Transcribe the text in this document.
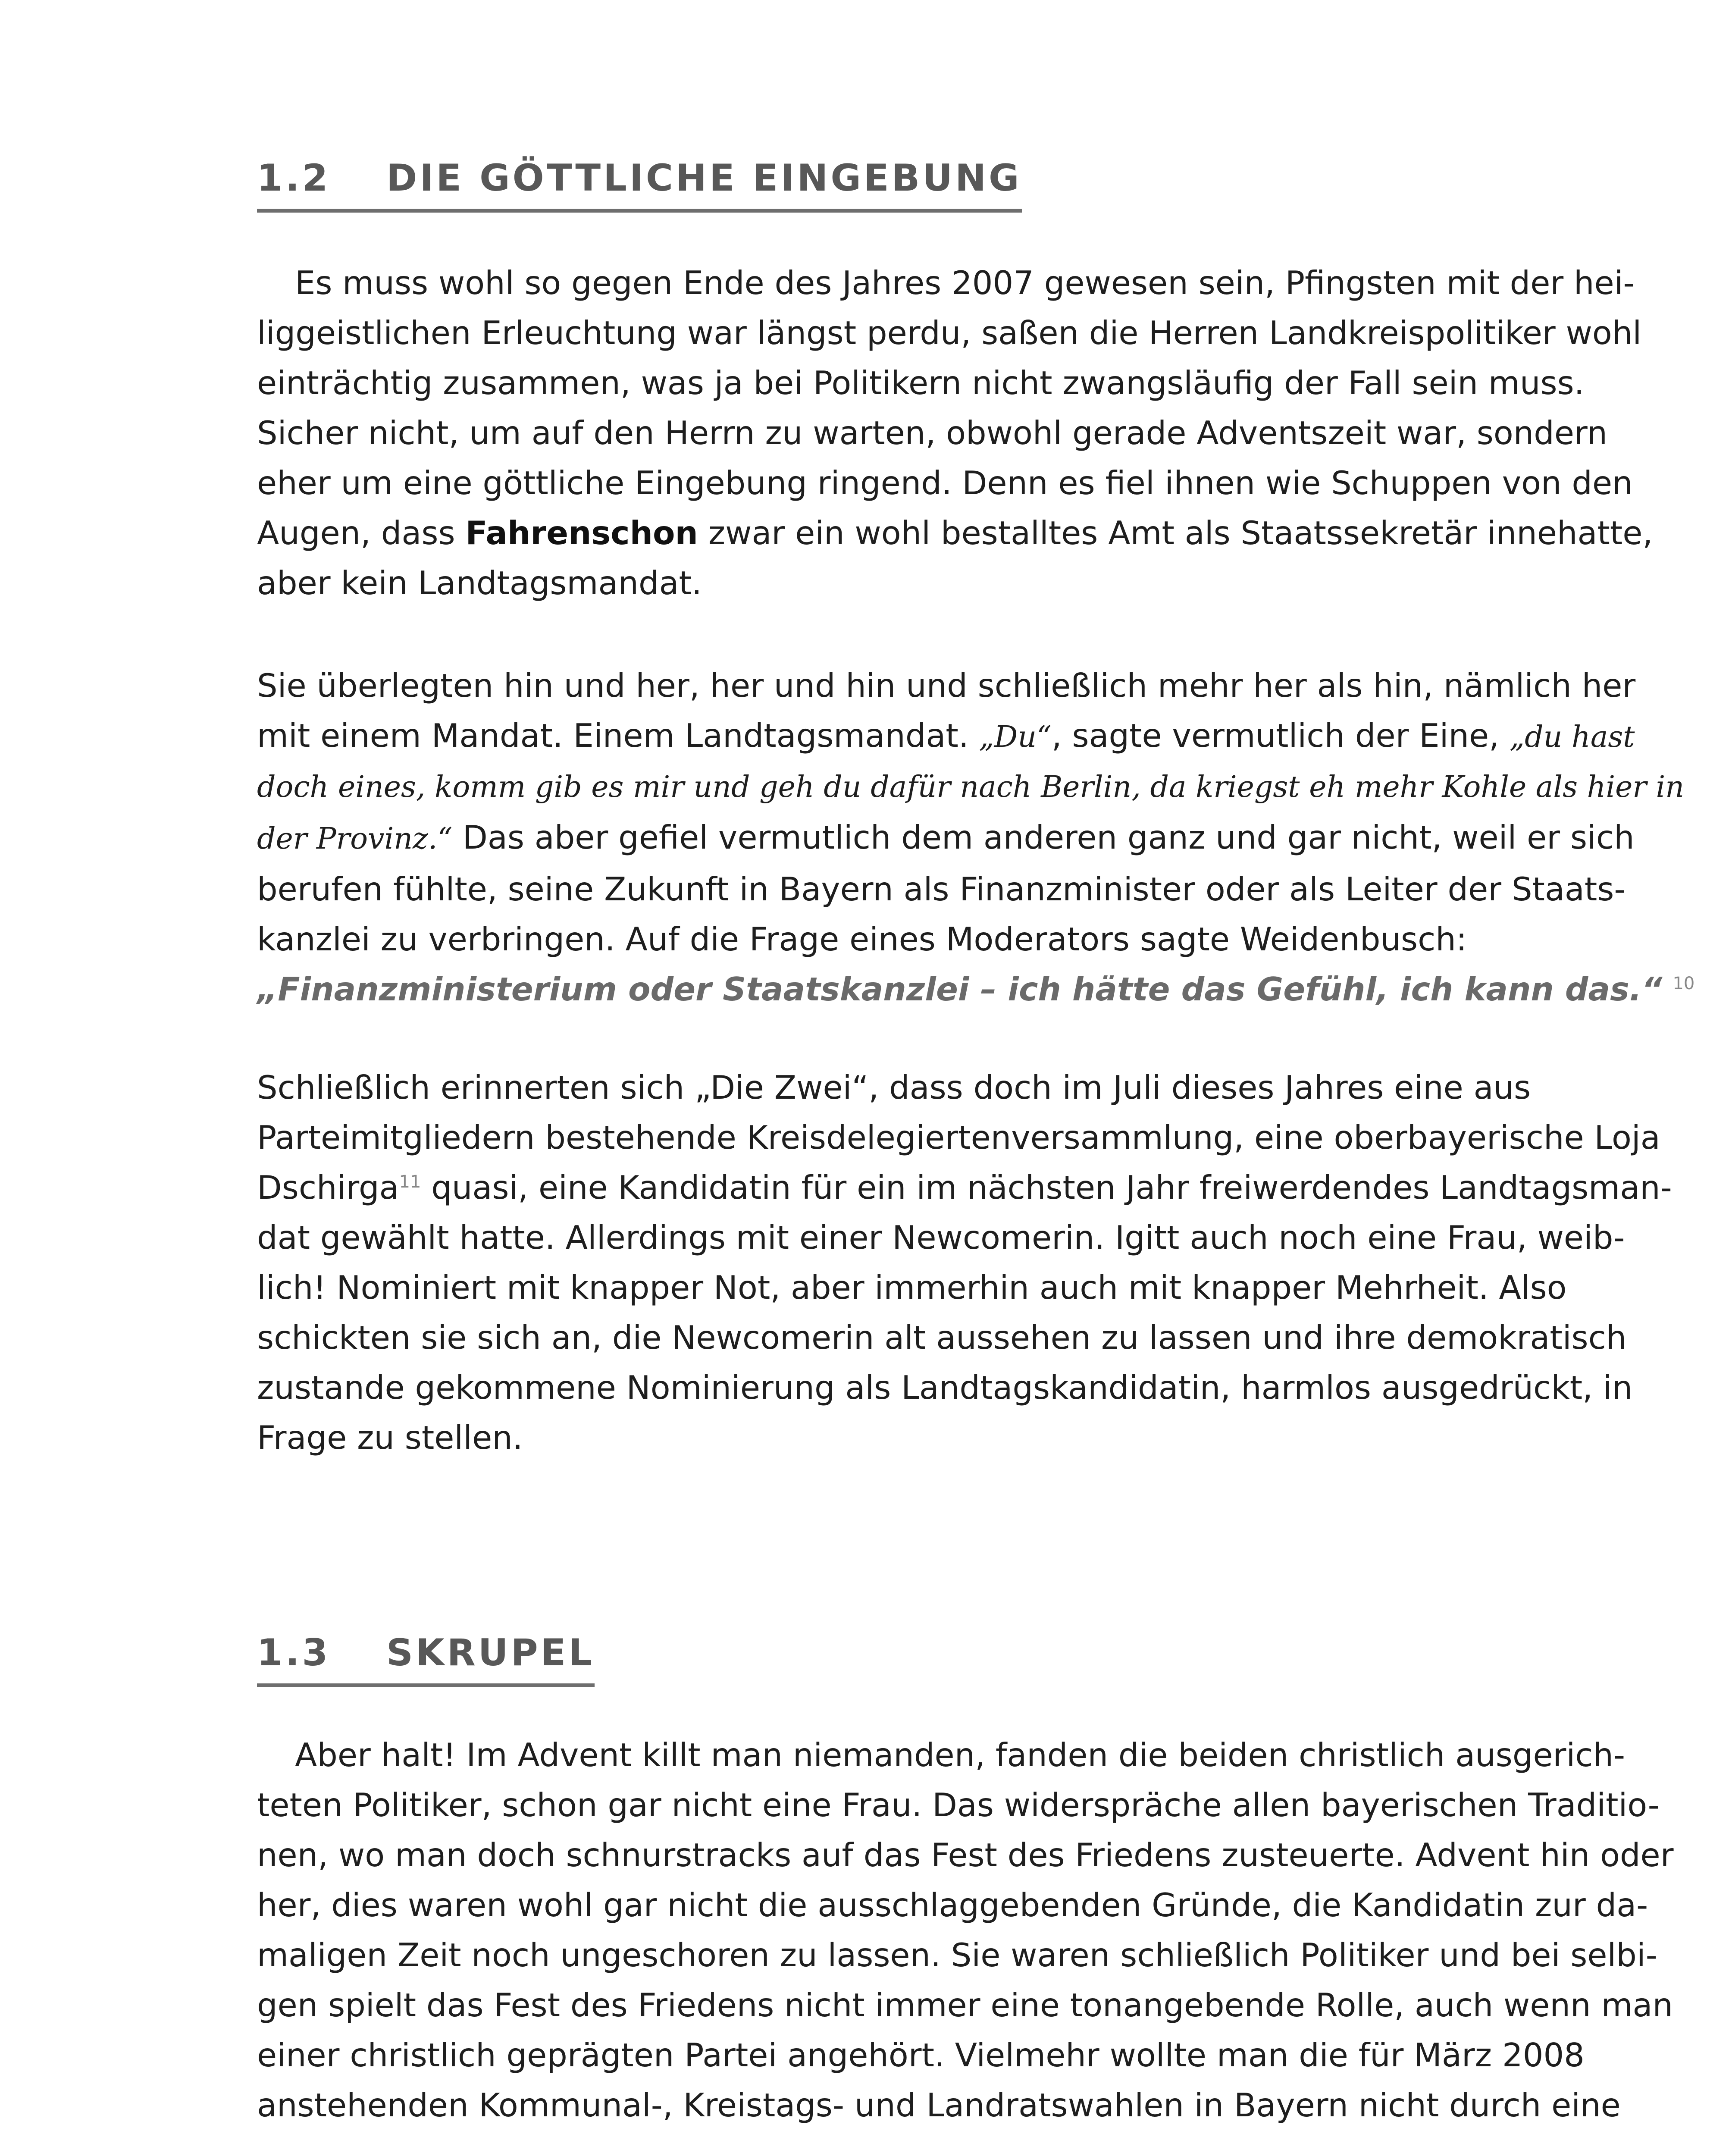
1.2 DIE GÖTTLICHE EINGEBUNG
Es muss wohl so gegen Ende des Jahres 2007 gewesen sein, Pfingsten mit der hei-
liggeistlichen Erleuchtung war längst perdu, saßen die Herren Landkreispolitiker wohl
einträchtig zusammen, was ja bei Politikern nicht zwangsläufig der Fall sein muss.
Sicher nicht, um auf den Herrn zu warten, obwohl gerade Adventszeit war, sondern
eher um eine göttliche Eingebung ringend. Denn es fiel ihnen wie Schuppen von den
Augen, dass Fahrenschon zwar ein wohl bestalltes Amt als Staatssekretär innehatte,
aber kein Landtagsmandat.
Sie überlegten hin und her, her und hin und schließlich mehr her als hin, nämlich her
mit einem Mandat. Einem Landtagsmandat. „Du“, sagte vermutlich der Eine, „du hast
doch eines, komm gib es mir und geh du dafür nach Berlin, da kriegst eh mehr Kohle als hier in
der Provinz.“ Das aber gefiel vermutlich dem anderen ganz und gar nicht, weil er sich
berufen fühlte, seine Zukunft in Bayern als Finanzminister oder als Leiter der Staats-
kanzlei zu verbringen. Auf die Frage eines Moderators sagte Weidenbusch:
„Finanzministerium oder Staatskanzlei – ich hätte das Gefühl, ich kann das.“ $^{10}$
Schließlich erinnerten sich „Die Zwei“, dass doch im Juli dieses Jahres eine aus
Parteimitgliedern bestehende Kreisdelegiertenversammlung, eine oberbayerische Loja
Dschirga$^{11}$ quasi, eine Kandidatin für ein im nächsten Jahr freiwerdendes Landtagsman-
dat gewählt hatte. Allerdings mit einer Newcomerin. Igitt auch noch eine Frau, weib-
lich! Nominiert mit knapper Not, aber immerhin auch mit knapper Mehrheit. Also
schickten sie sich an, die Newcomerin alt aussehen zu lassen und ihre demokratisch
zustande gekommene Nominierung als Landtagskandidatin, harmlos ausgedrückt, in
Frage zu stellen.
1.3 SKRUPEL
Aber halt! Im Advent killt man niemanden, fanden die beiden christlich ausgerich-
teten Politiker, schon gar nicht eine Frau. Das widerspräche allen bayerischen Traditio-
nen, wo man doch schnurstracks auf das Fest des Friedens zusteuerte. Advent hin oder
her, dies waren wohl gar nicht die ausschlaggebenden Gründe, die Kandidatin zur da-
maligen Zeit noch ungeschoren zu lassen. Sie waren schließlich Politiker und bei selbi-
gen spielt das Fest des Friedens nicht immer eine tonangebende Rolle, auch wenn man
einer christlich geprägten Partei angehört. Vielmehr wollte man die für März 2008
anstehenden Kommunal-, Kreistags- und Landratswahlen in Bayern nicht durch eine
